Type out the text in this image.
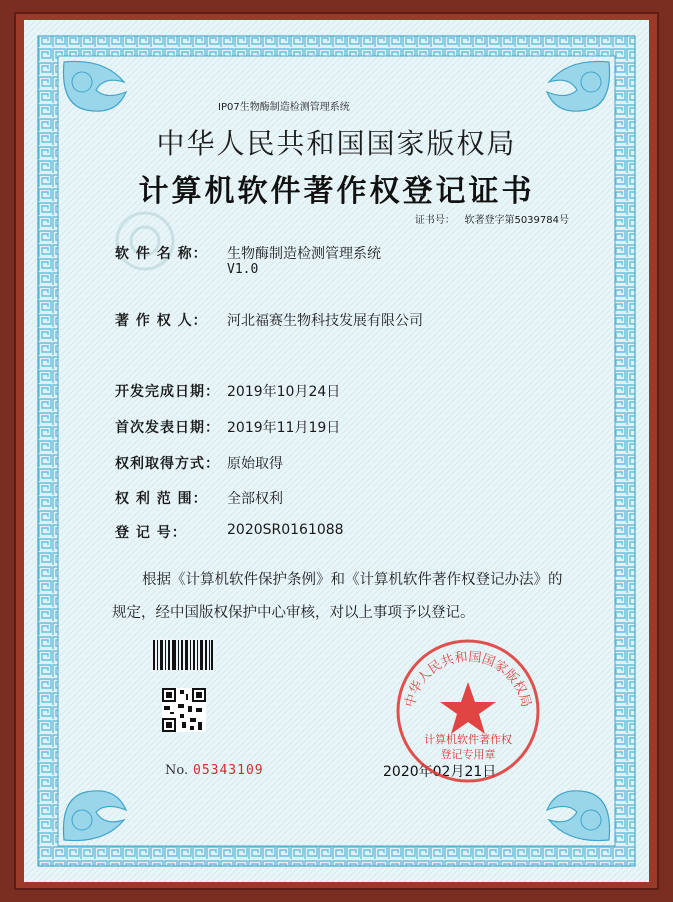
IP07生物酶制造检测管理系统
中华人民共和国国家版权局
计算机软件著作权登记证书
证书号： 软著登字第5039784号
软 件 名 称： 生物酶制造检测管理系统
V1.0
著 作 权 人： 河北福赛生物科技发展有限公司
开发完成日期： 2019年10月24日
首次发表日期： 2019年11月19日
权利取得方式： 原始取得
权 利 范 围： 全部权利
登 记 号：	2020SR0161088
根据《计算机软件保护条例》和《计算机软件著作权登记办法》的
规定，经中国版权保护中心审核，对以上事项予以登记。
No. 05343109	2020年02月21日
中华人民共和国国家版权局
计算机软件著作权
登记专用章
